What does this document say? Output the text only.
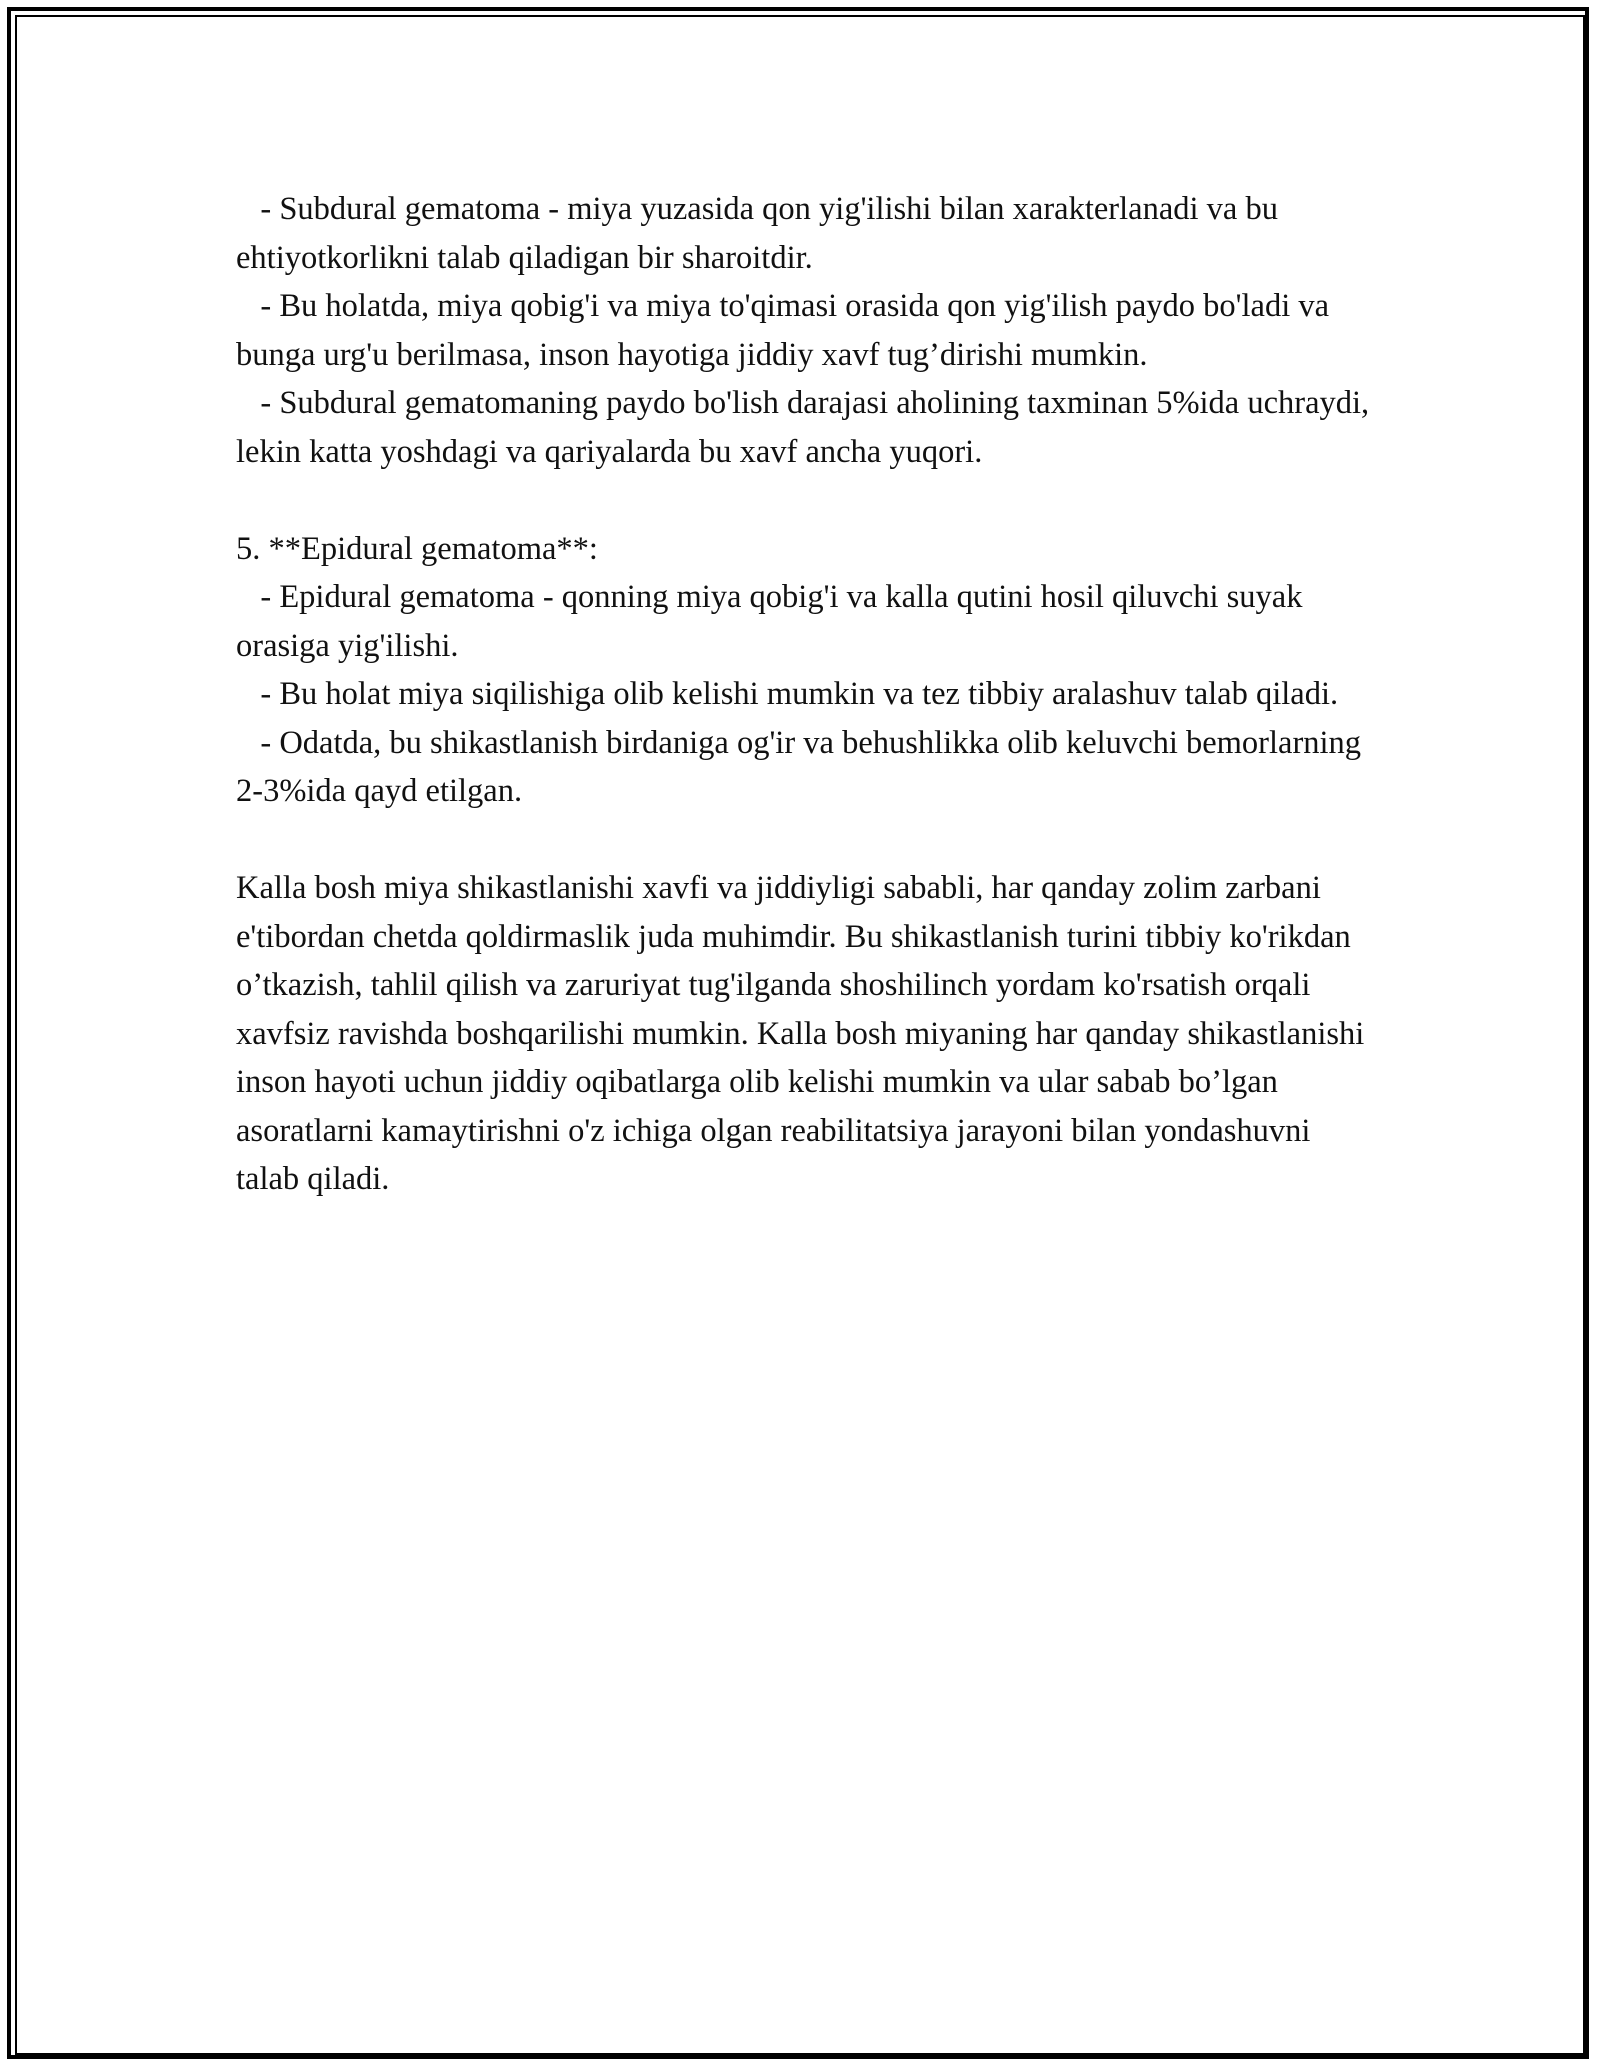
- Subdural gematoma - miya yuzasida qon yig'ilishi bilan xarakterlanadi va bu ehtiyotkorlikni talab qiladigan bir sharoitdir.

- Bu holatda, miya qobig'i va miya to'qimasi orasida qon yig'ilish paydo bo'ladi va bunga urg'u berilmasa, inson hayotiga jiddiy xavf tug’dirishi mumkin.

- Subdural gematomaning paydo bo'lish darajasi aholining taxminan 5%ida uchraydi, lekin katta yoshdagi va qariyalarda bu xavf ancha yuqori.

5. **Epidural gematoma**:

- Epidural gematoma - qonning miya qobig'i va kalla qutini hosil qiluvchi suyak orasiga yig'ilishi.

- Bu holat miya siqilishiga olib kelishi mumkin va tez tibbiy aralashuv talab qiladi.

- Odatda, bu shikastlanish birdaniga og'ir va behushlikka olib keluvchi bemorlarning 2-3%ida qayd etilgan.

Kalla bosh miya shikastlanishi xavfi va jiddiyligi sababli, har qanday zolim zarbani e'tibordan chetda qoldirmaslik juda muhimdir. Bu shikastlanish turini tibbiy ko'rikdan o’tkazish, tahlil qilish va zaruriyat tug'ilganda shoshilinch yordam ko'rsatish orqali xavfsiz ravishda boshqarilishi mumkin. Kalla bosh miyaning har qanday shikastlanishi inson hayoti uchun jiddiy oqibatlarga olib kelishi mumkin va ular sabab bo’lgan asoratlarni kamaytirishni o'z ichiga olgan reabilitatsiya jarayoni bilan yondashuvni talab qiladi.
